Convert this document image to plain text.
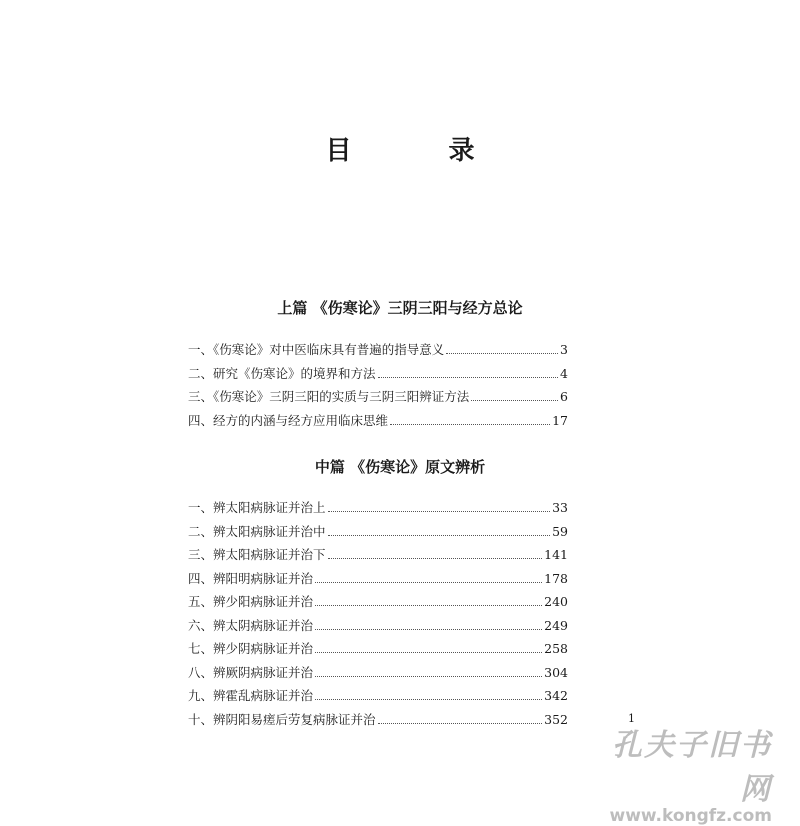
目 录
上篇 《伤寒论》三阴三阳与经方总论
一、《伤寒论》对中医临床具有普遍的指导意义	3
二、研究《伤寒论》的境界和方法	4
三、《伤寒论》三阴三阳的实质与三阴三阳辨证方法	6
四、经方的内涵与经方应用临床思维	17
中篇 《伤寒论》原文辨析
一、辨太阳病脉证并治上	33
二、辨太阳病脉证并治中	59
三、辨太阳病脉证并治下	141
四、辨阳明病脉证并治	178
五、辨少阳病脉证并治	240
六、辨太阴病脉证并治	249
七、辨少阴病脉证并治	258
八、辨厥阴病脉证并治	304
九、辨霍乱病脉证并治	342
十、辨阴阳易瘥后劳复病脉证并治	352	1
孔夫子旧书网
www.kongfz.com
